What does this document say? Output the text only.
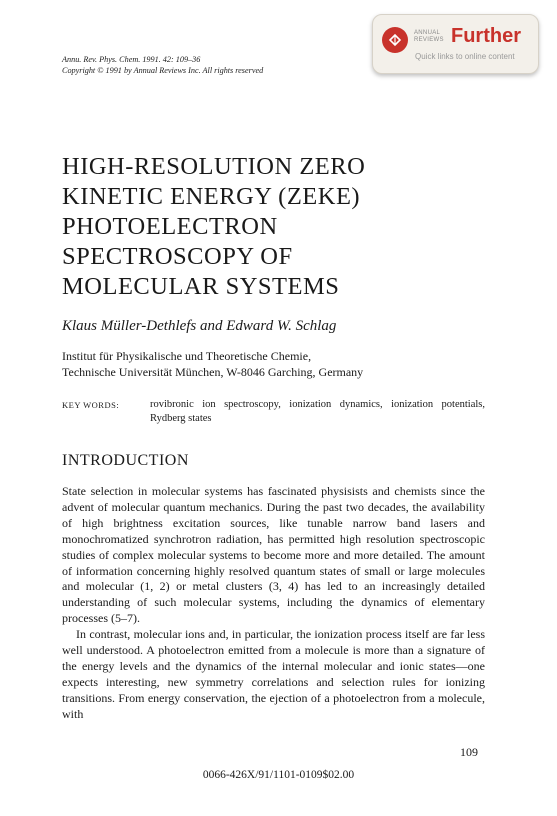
Annu. Rev. Phys. Chem. 1991. 42: 109–36
Copyright © 1991 by Annual Reviews Inc. All rights reserved
ANNUAL
REVIEWS Further
Quick links to online content
HIGH-RESOLUTION ZERO
KINETIC ENERGY (ZEKE)
PHOTOELECTRON
SPECTROSCOPY OF
MOLECULAR SYSTEMS
Klaus Müller-Dethlefs and Edward W. Schlag
Institut für Physikalische und Theoretische Chemie,
Technische Universität München, W-8046 Garching, Germany
KEY WORDS:	rovibronic ion spectroscopy, ionization dynamics, ionization potentials, Rydberg states
INTRODUCTION

State selection in molecular systems has fascinated physisists and chemists since the advent of molecular quantum mechanics. During the past two decades, the availability of high brightness excitation sources, like tunable narrow band lasers and monochromatized synchrotron radiation, has permitted high resolution spectroscopic studies of complex molecular systems to become more and more detailed. The amount of information concerning highly resolved quantum states of small or large molecules and molecular (1, 2) or metal clusters (3, 4) has led to an increasingly detailed understanding of such molecular systems, including the dynamics of elementary processes (5–7).

In contrast, molecular ions and, in particular, the ionization process itself are far less well understood. A photoelectron emitted from a molecule is more than a signature of the energy levels and the dynamics of the internal molecular and ionic states—one expects interesting, new symmetry correlations and selection rules for ionizing transitions. From energy conservation, the ejection of a photoelectron from a molecule, with

109
0066-426X/91/1101-0109$02.00
